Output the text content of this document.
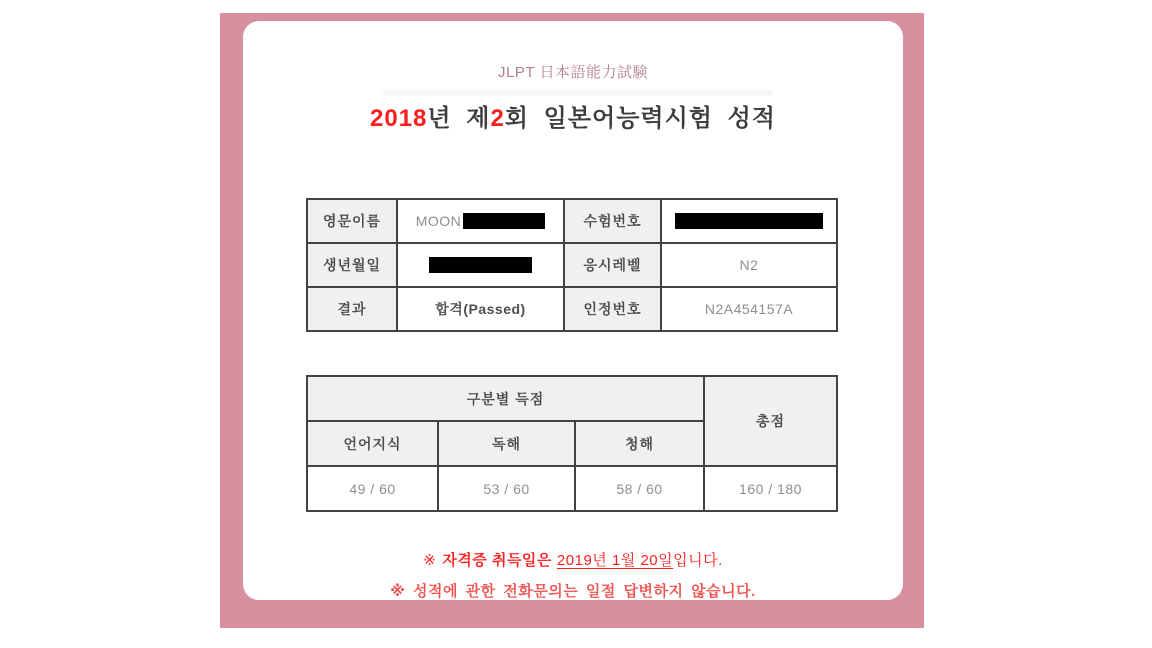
JLPT 日本語能力試験
2018년 제2회 일본어능력시험 성적
영문이름	MOON	수험번호	
생년월일		응시레벨	N2
결과	합격(Passed)	인정번호	N2A454157A
구분별 득점			총점
언어지식	독해	청해	
49 / 60	53 / 60	58 / 60	160 / 180
※ 자격증 취득일은 2019년 1월 20일입니다.
※ 성적에 관한 전화문의는 일절 답변하지 않습니다.
